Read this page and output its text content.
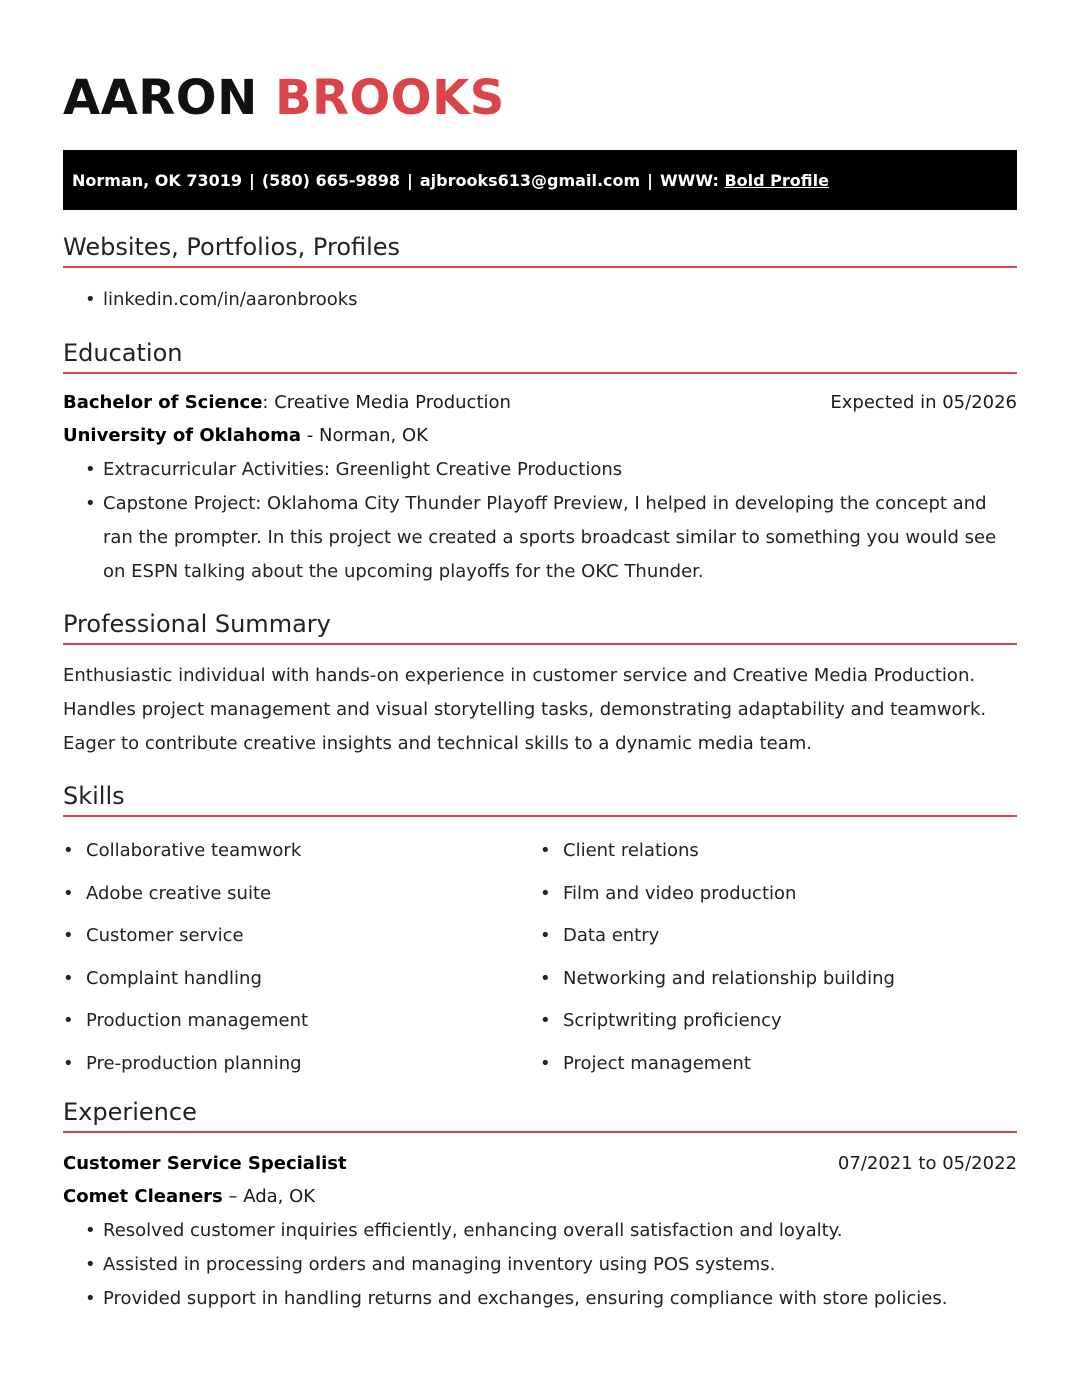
AARON BROOKS
Norman, OK 73019 | (580) 665-9898 | ajbrooks613@gmail.com | WWW:
Bold Profile
Websites, Portfolios, Profiles
• linkedin.com/in/aaronbrooks
Education
Bachelor of Science: Creative Media Production	Expected in 05/2026
University of Oklahoma - Norman, OK
• Extracurricular Activities: Greenlight Creative Productions
• Capstone Project: Oklahoma City Thunder Playoff Preview, I helped in developing the concept and ran the prompter. In this project we created a sports broadcast similar to something you would see on ESPN talking about the upcoming playoffs for the OKC Thunder.
Professional Summary

Enthusiastic individual with hands-on experience in customer service and Creative Media Production. Handles project management and visual storytelling tasks, demonstrating adaptability and teamwork. Eager to contribute creative insights and technical skills to a dynamic media team.

Skills
• Collaborative teamwork
• Adobe creative suite
• Customer service
• Complaint handling
• Production management
• Pre-production planning
• Client relations
• Film and video production
• Data entry
• Networking and relationship building
• Scriptwriting proficiency
• Project management
Experience
Customer Service Specialist	07/2021 to 05/2022
Comet Cleaners – Ada, OK
• Resolved customer inquiries efficiently, enhancing overall satisfaction and loyalty.
• Assisted in processing orders and managing inventory using POS systems.
• Provided support in handling returns and exchanges, ensuring compliance with store policies.
